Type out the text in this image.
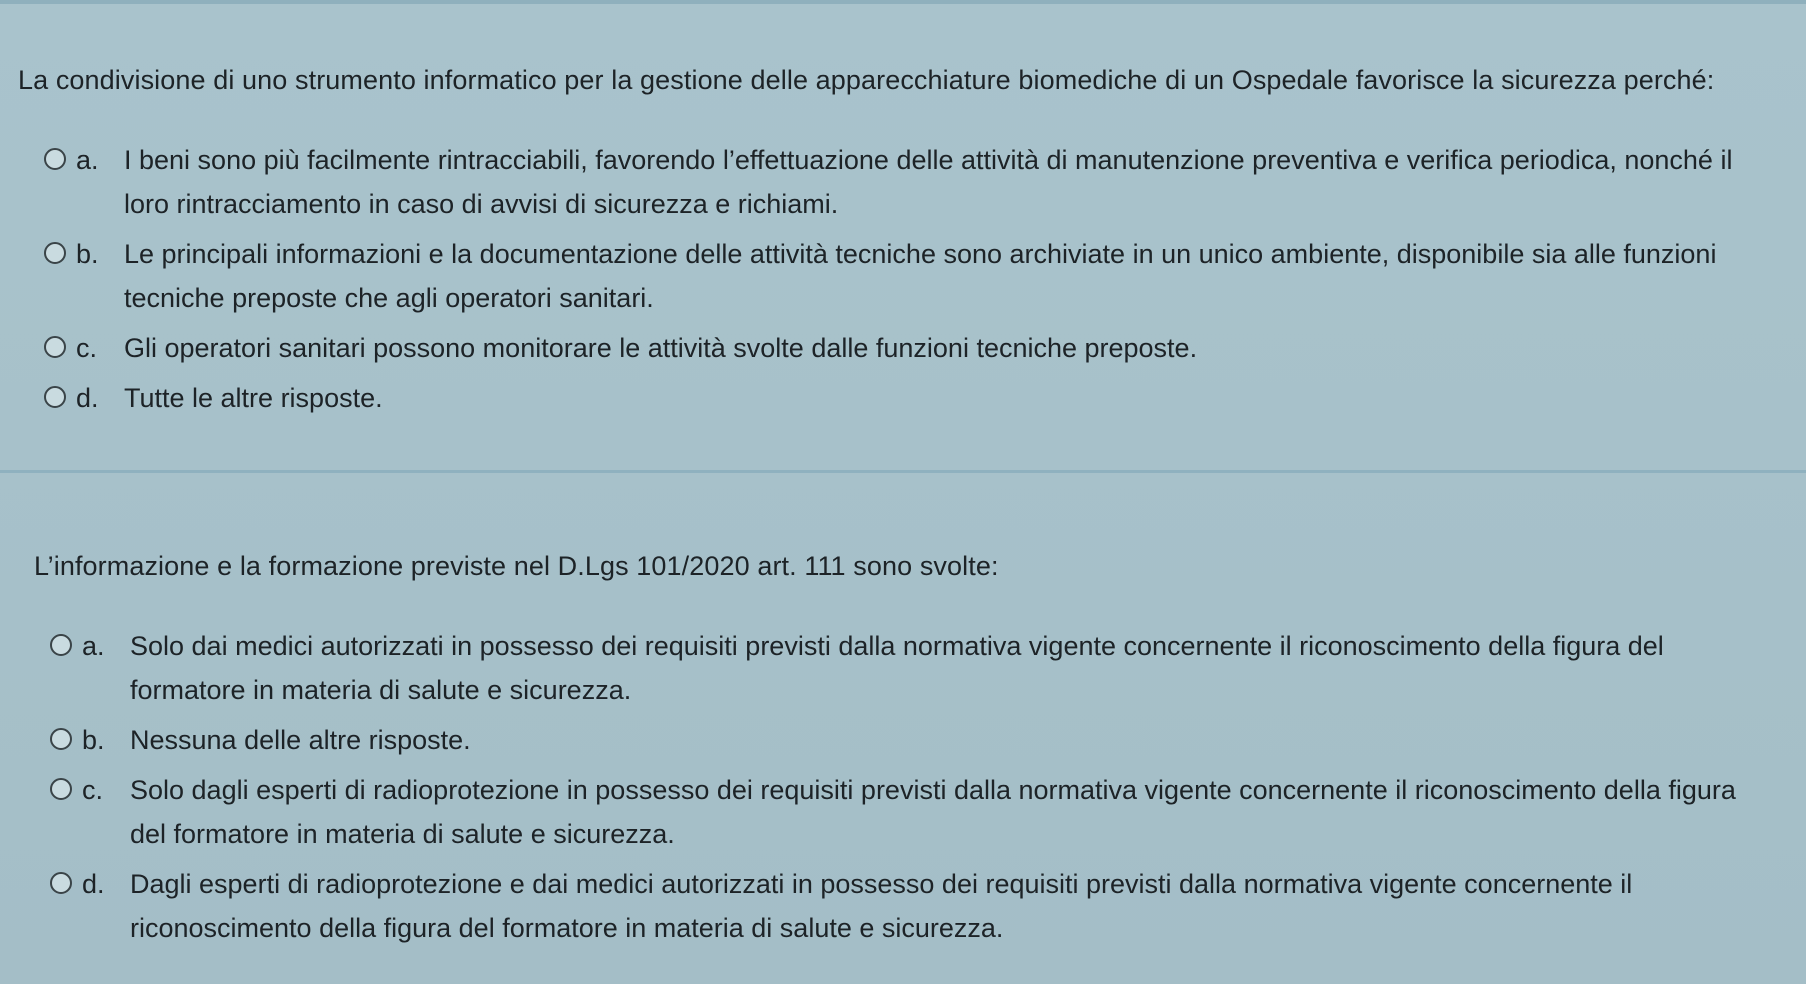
La condivisione di uno strumento informatico per la gestione delle apparecchiature biomediche di un Ospedale favorisce la sicurezza perché:

a. I beni sono più facilmente rintracciabili, favorendo l’effettuazione delle attività di manutenzione preventiva e verifica periodica, nonché il loro rintracciamento in caso di avvisi di sicurezza e richiami.
b. Le principali informazioni e la documentazione delle attività tecniche sono archiviate in un unico ambiente, disponibile sia alle funzioni tecniche preposte che agli operatori sanitari.
c. Gli operatori sanitari possono monitorare le attività svolte dalle funzioni tecniche preposte.
d. Tutte le altre risposte.

L’informazione e la formazione previste nel D.Lgs 101/2020 art. 111 sono svolte:

a. Solo dai medici autorizzati in possesso dei requisiti previsti dalla normativa vigente concernente il riconoscimento della figura del formatore in materia di salute e sicurezza.
b. Nessuna delle altre risposte.
c. Solo dagli esperti di radioprotezione in possesso dei requisiti previsti dalla normativa vigente concernente il riconoscimento della figura del formatore in materia di salute e sicurezza.
d. Dagli esperti di radioprotezione e dai medici autorizzati in possesso dei requisiti previsti dalla normativa vigente concernente il riconoscimento della figura del formatore in materia di salute e sicurezza.
